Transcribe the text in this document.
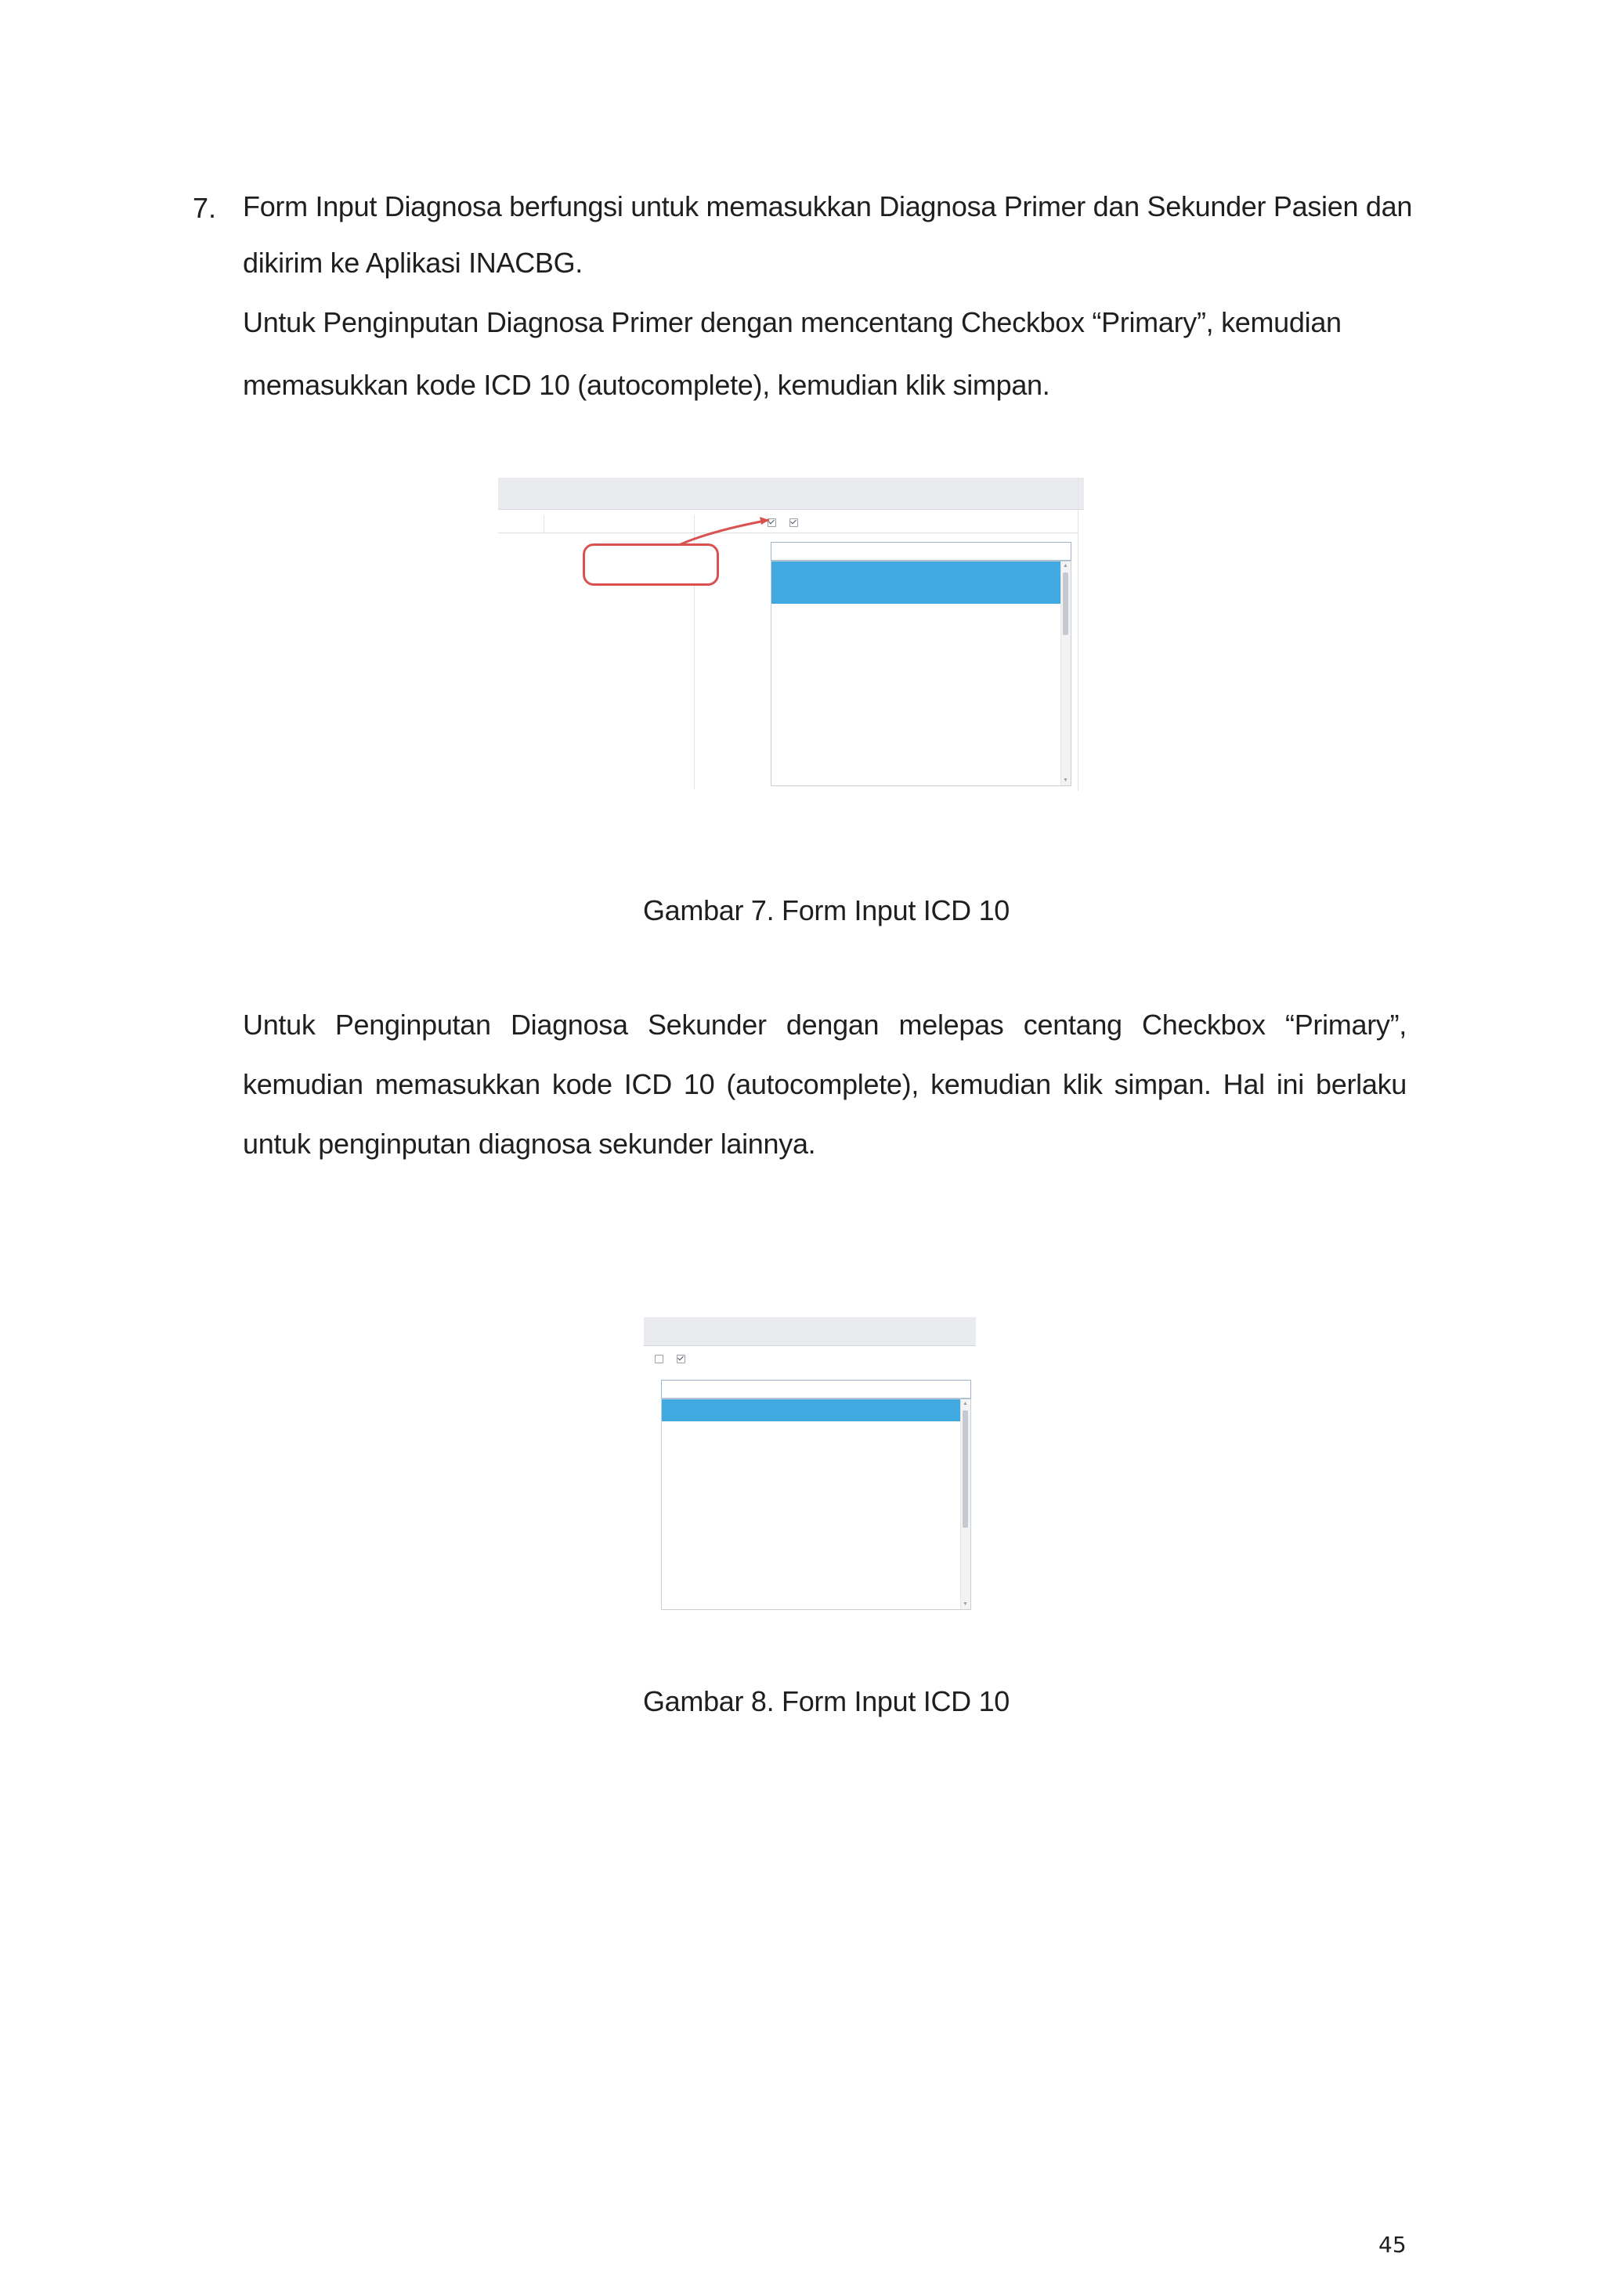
7. Form Input Diagnosa berfungsi untuk memasukkan Diagnosa Primer dan Sekunder Pasien dan
dikirim ke Aplikasi INACBG.
Untuk Penginputan Diagnosa Primer dengan mencentang Checkbox “Primary”, kemudian
memasukkan kode ICD 10 (autocomplete), kemudian klik simpan.

▲
▼
Gambar 7. Form Input ICD 10
Untuk Penginputan Diagnosa Sekunder dengan melepas centang Checkbox “Primary”, kemudian memasukkan kode ICD 10 (autocomplete), kemudian klik simpan. Hal ini berlaku untuk penginputan diagnosa sekunder lainnya.

▲
▼
Gambar 8. Form Input ICD 10
45
